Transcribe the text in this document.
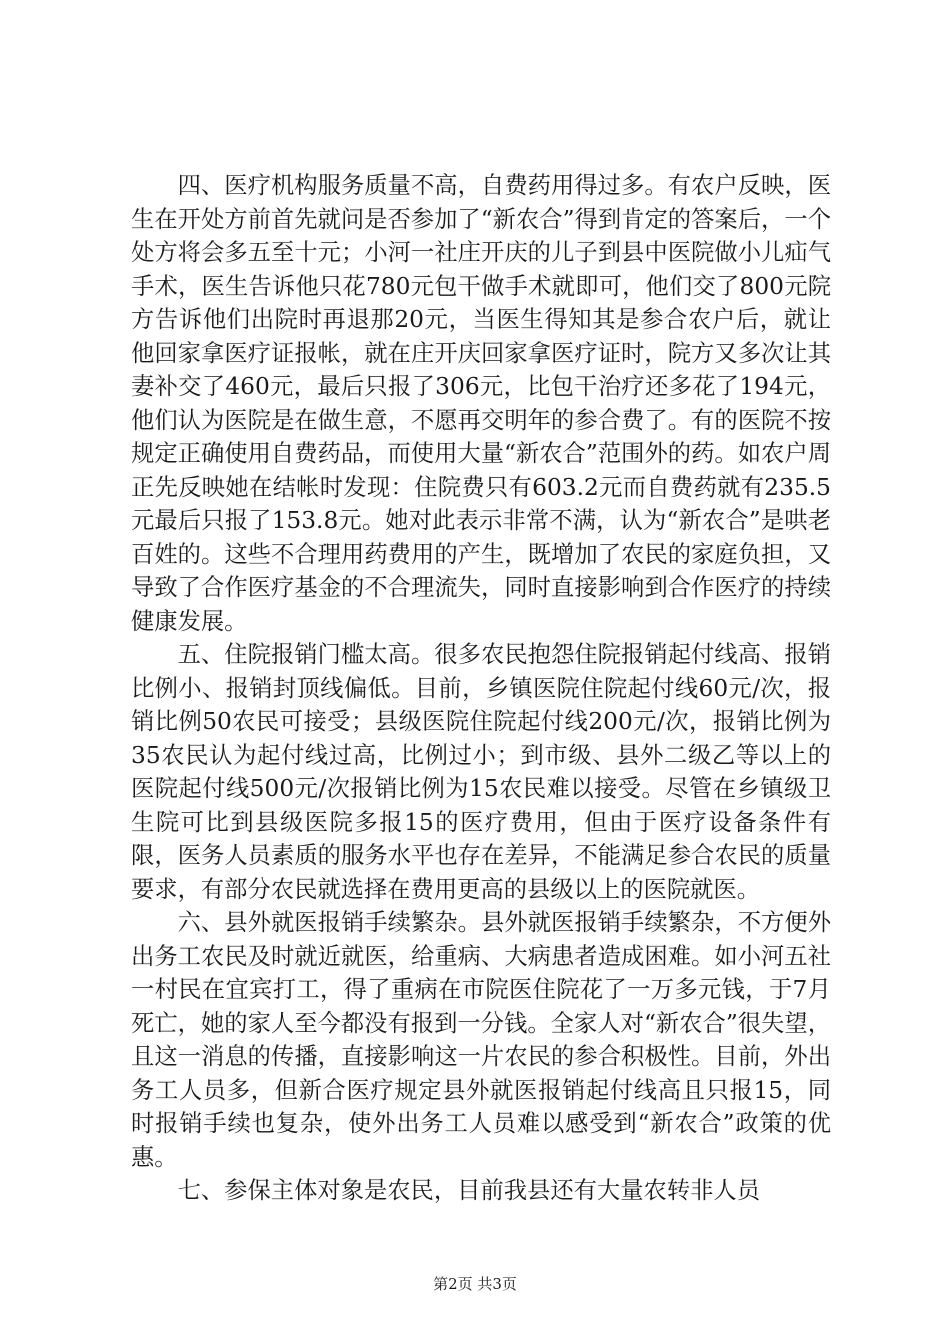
四、医疗机构服务质量不高，自费药用得过多。有农户反映，医生在开处方前首先就问是否参加了“新农合”得到肯定的答案后，一个处方将会多五至十元；小河一社庄开庆的儿子到县中医院做小儿疝气手术，医生告诉他只花780元包干做手术就即可，他们交了800元院方告诉他们出院时再退那20元，当医生得知其是参合农户后，就让他回家拿医疗证报帐，就在庄开庆回家拿医疗证时，院方又多次让其妻补交了460元，最后只报了306元，比包干治疗还多花了194元，他们认为医院是在做生意，不愿再交明年的参合费了。有的医院不按规定正确使用自费药品，而使用大量“新农合”范围外的药。如农户周正先反映她在结帐时发现：住院费只有603.2元而自费药就有235.5元最后只报了153.8元。她对此表示非常不满，认为“新农合”是哄老百姓的。这些不合理用药费用的产生，既增加了农民的家庭负担，又导致了合作医疗基金的不合理流失，同时直接影响到合作医疗的持续健康发展。

五、住院报销门槛太高。很多农民抱怨住院报销起付线高、报销比例小、报销封顶线偏低。目前，乡镇医院住院起付线60元/次，报销比例50农民可接受；县级医院住院起付线200元/次，报销比例为35农民认为起付线过高，比例过小；到市级、县外二级乙等以上的医院起付线500元/次报销比例为15农民难以接受。尽管在乡镇级卫生院可比到县级医院多报15的医疗费用，但由于医疗设备条件有限，医务人员素质的服务水平也存在差异，不能满足参合农民的质量要求，有部分农民就选择在费用更高的县级以上的医院就医。

六、县外就医报销手续繁杂。县外就医报销手续繁杂，不方便外出务工农民及时就近就医，给重病、大病患者造成困难。如小河五社一村民在宜宾打工，得了重病在市院医住院花了一万多元钱，于7月死亡，她的家人至今都没有报到一分钱。全家人对“新农合”很失望，且这一消息的传播，直接影响这一片农民的参合积极性。目前，外出务工人员多，但新合医疗规定县外就医报销起付线高且只报15，同时报销手续也复杂，使外出务工人员难以感受到“新农合”政策的优惠。

七、参保主体对象是农民，目前我县还有大量农转非人员

第2页 共3页
